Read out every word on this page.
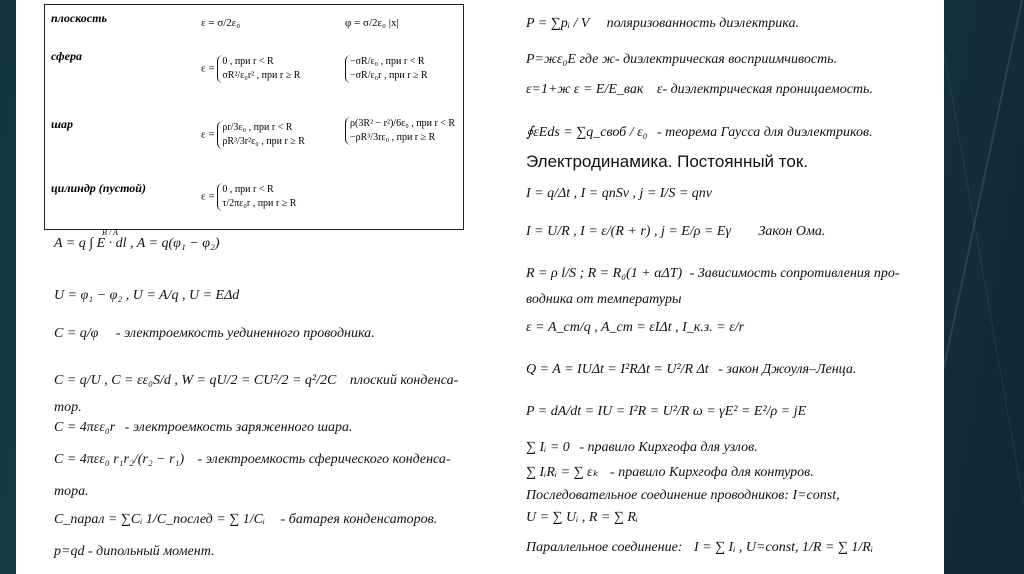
плоскость	ε = σ/2ε₀	φ = σ/2ε₀ |x|
сфера
ε =
0 , при r < R
σR²/ε₀r² , при r ≥ R
−σR/ε₀ , при r < R
−σR/ε₀r , при r ≥ R
шар
ε =
ρr/3ε₀ , при r < R
ρR³/3r²ε₀ , при r ≥ R
ρ(3R² − r²)/6ε₀ , при r < R
−ρR³/3rε₀ , при r ≥ R
цилиндр (пустой)
ε =
0 , при r < R
τ/2πε₀r , при r ≥ R
B / A
A = q ∫ E · dl , A = q(φ₁ − φ₂)
U = φ₁ − φ₂ , U = A/q , U = EΔd
C = q/φ - электроемкость уединенного проводника.
C = q/U , C = εε₀S/d , W = qU/2 = CU²/2 = q²/2C плоский конденса-
тор.
C = 4πεε₀r - электроемкость заряженного шара.
C = 4πεε₀ r₁r₂/(r₂ − r₁) - электроемкость сферического конденса-
тора.
C_парал = ∑Cᵢ 1/C_послед = ∑ 1/Cᵢ - батарея конденсаторов.
p=qd - дипольный момент.
P = ∑pᵢ / V поляризованность диэлектрика.
P=жε₀E где ж- диэлектрическая восприимчивость.
ε=1+ж ε = E/E_вак ε- диэлектрическая проницаемость.
∮εEds = ∑q_своб / ε₀ - теорема Гаусса для диэлектриков.
Электродинамика. Постоянный ток.
I = q/Δt , I = qnSv , j = I/S = qnv
I = U/R , I = ε/(R + r) , j = E/ρ = Eγ Закон Ома.
R = ρ l/S ; R = R₀(1 + αΔT) - Зависимость сопротивления про-
водника от температуры
ε = A_ст/q , A_ст = εIΔt , I_к.з. = ε/r
Q = A = IUΔt = I²RΔt = U²/R Δt - закон Джоуля–Ленца.
P = dA/dt = IU = I²R = U²/R ω = γE² = E²/ρ = jE
∑ Iᵢ = 0 - правило Кирхгофа для узлов.
∑ IᵢRᵢ = ∑ εₖ - правило Кирхгофа для контуров.
Последовательное соединение проводников: I=const,
U = ∑ Uᵢ , R = ∑ Rᵢ
Параллельное соединение: I = ∑ Iᵢ , U=const, 1/R = ∑ 1/Rᵢ
